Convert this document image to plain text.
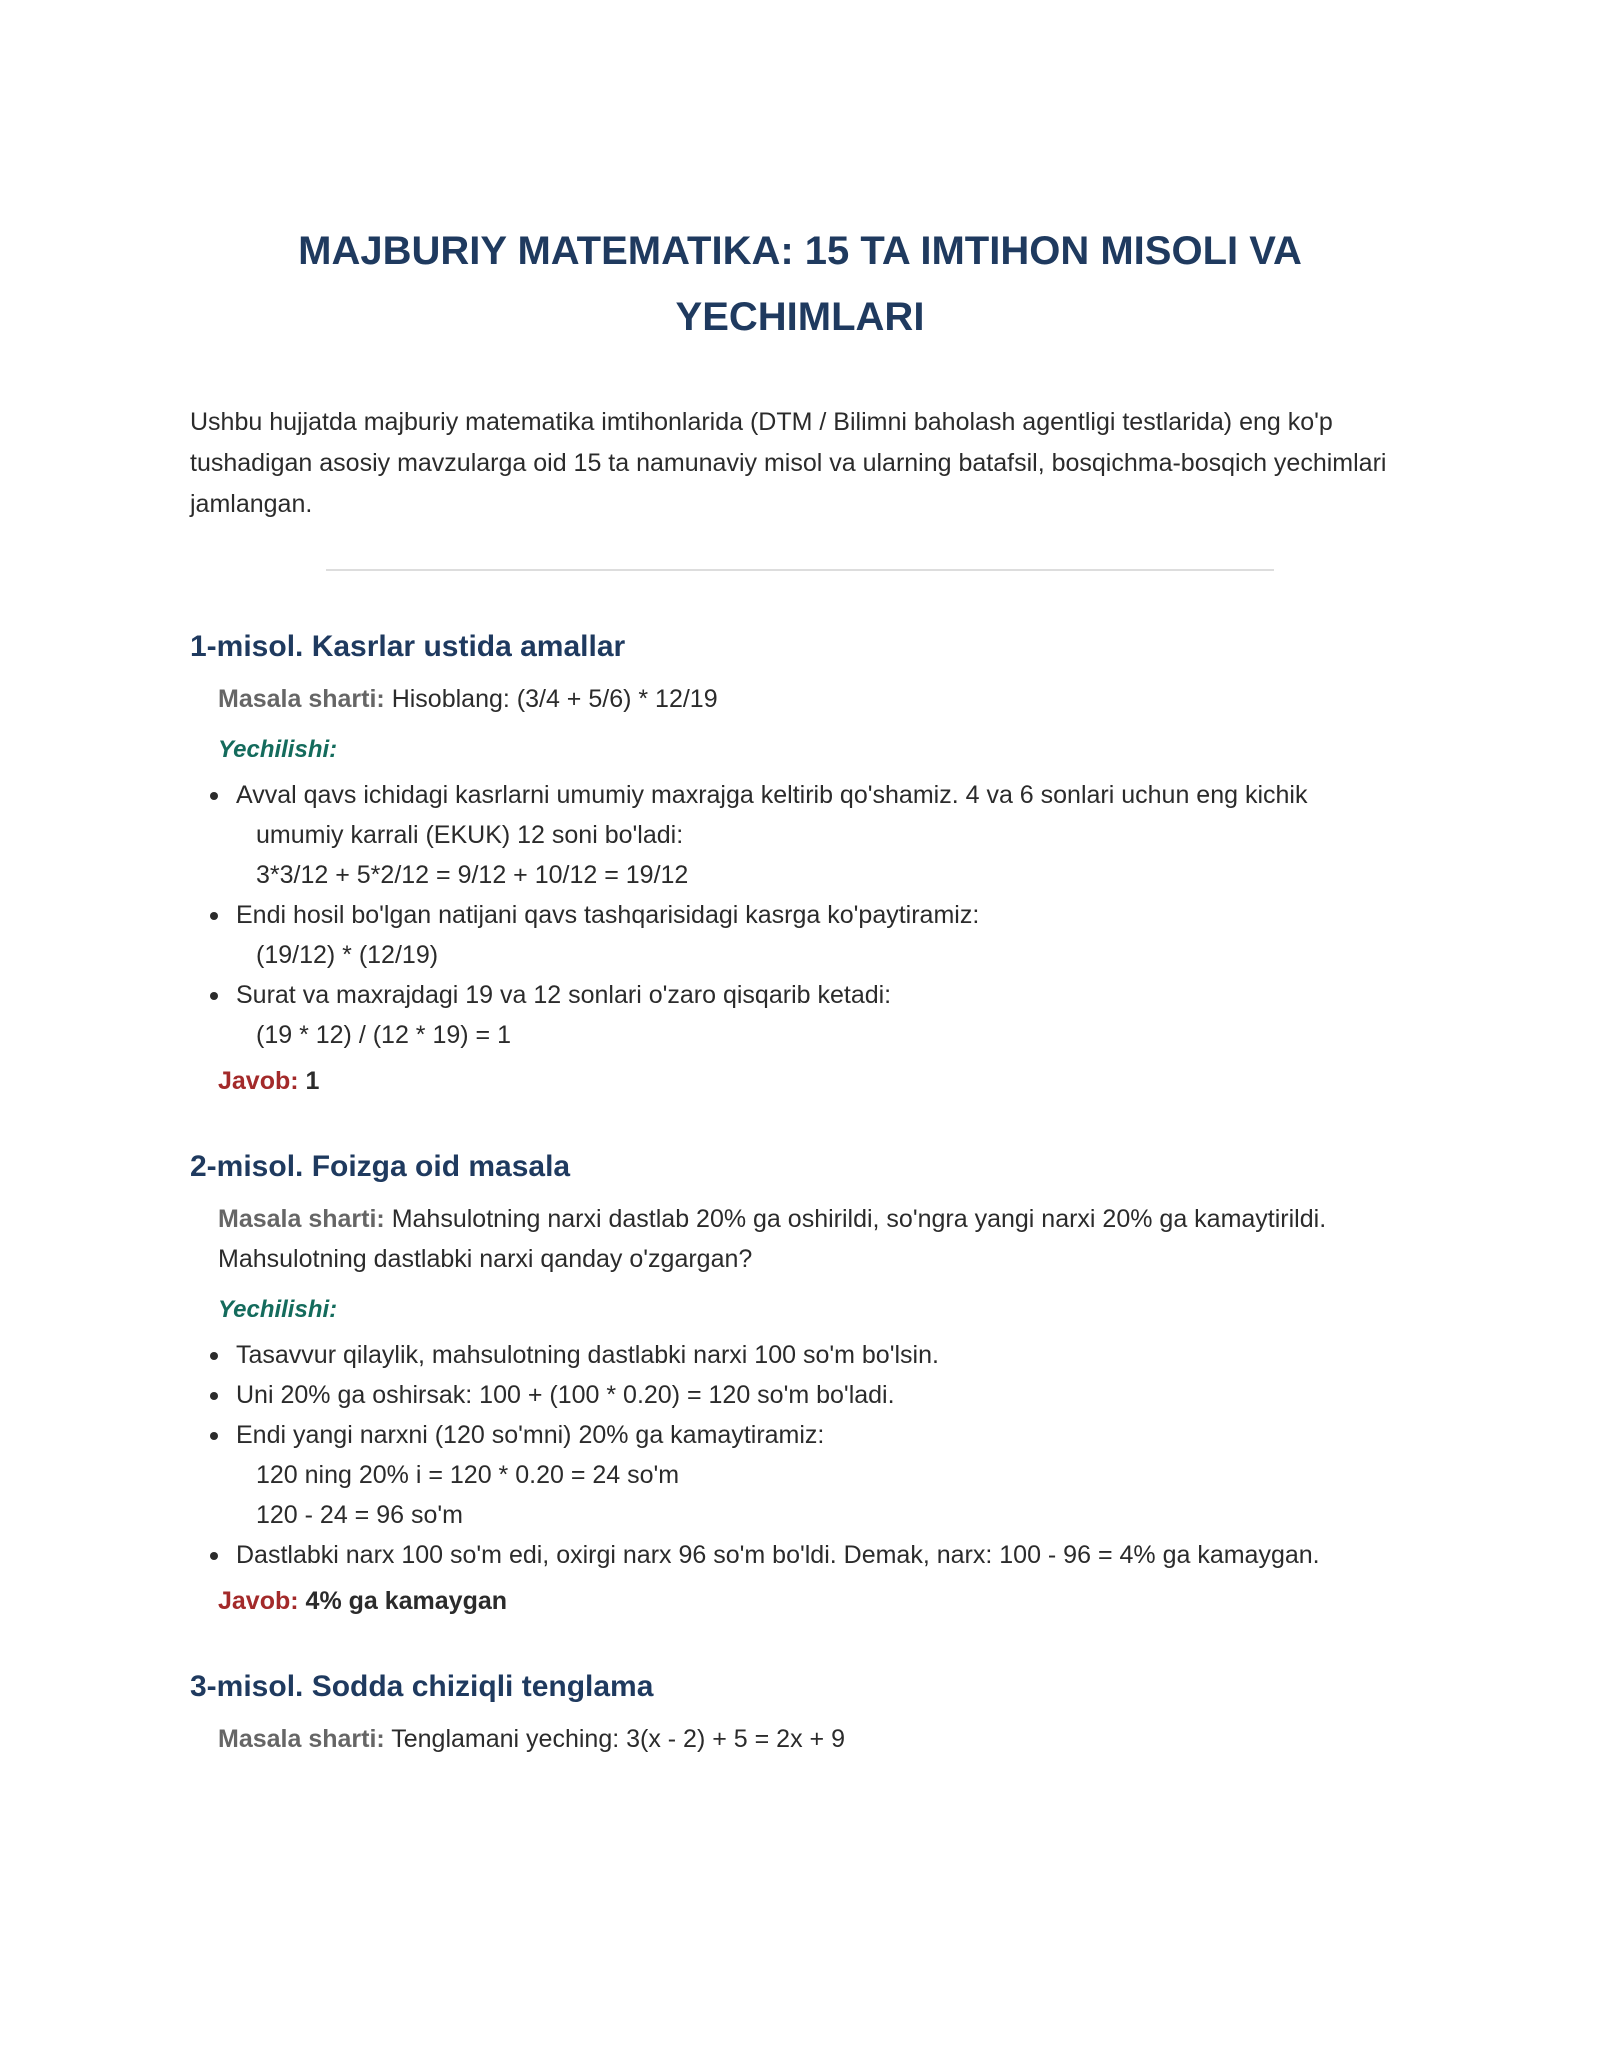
MAJBURIY MATEMATIKA: 15 TA IMTIHON MISOLI VA YECHIMLARI

Ushbu hujjatda majburiy matematika imtihonlarida (DTM / Bilimni baholash agentligi testlarida) eng ko'p tushadigan asosiy mavzularga oid 15 ta namunaviy misol va ularning batafsil, bosqichma-bosqich yechimlari jamlangan.

1-misol. Kasrlar ustida amallar
Masala sharti: Hisoblang: (3/4 + 5/6) * 12/19
Yechilishi:
Avval qavs ichidagi kasrlarni umumiy maxrajga keltirib qo'shamiz. 4 va 6 sonlari uchun eng kichik
umumiy karrali (EKUK) 12 soni bo'ladi:
3*3/12 + 5*2/12 = 9/12 + 10/12 = 19/12
Endi hosil bo'lgan natijani qavs tashqarisidagi kasrga ko'paytiramiz:
(19/12) * (12/19)
Surat va maxrajdagi 19 va 12 sonlari o'zaro qisqarib ketadi:
(19 * 12) / (12 * 19) = 1
Javob: 1
2-misol. Foizga oid masala
Masala sharti: Mahsulotning narxi dastlab 20% ga oshirildi, so'ngra yangi narxi 20% ga kamaytirildi. Mahsulotning dastlabki narxi qanday o'zgargan?
Yechilishi:
Tasavvur qilaylik, mahsulotning dastlabki narxi 100 so'm bo'lsin.
Uni 20% ga oshirsak: 100 + (100 * 0.20) = 120 so'm bo'ladi.
Endi yangi narxni (120 so'mni) 20% ga kamaytiramiz:
120 ning 20% i = 120 * 0.20 = 24 so'm
120 - 24 = 96 so'm
Dastlabki narx 100 so'm edi, oxirgi narx 96 so'm bo'ldi. Demak, narx: 100 - 96 = 4% ga kamaygan.
Javob: 4% ga kamaygan
3-misol. Sodda chiziqli tenglama
Masala sharti: Tenglamani yeching: 3(x - 2) + 5 = 2x + 9
